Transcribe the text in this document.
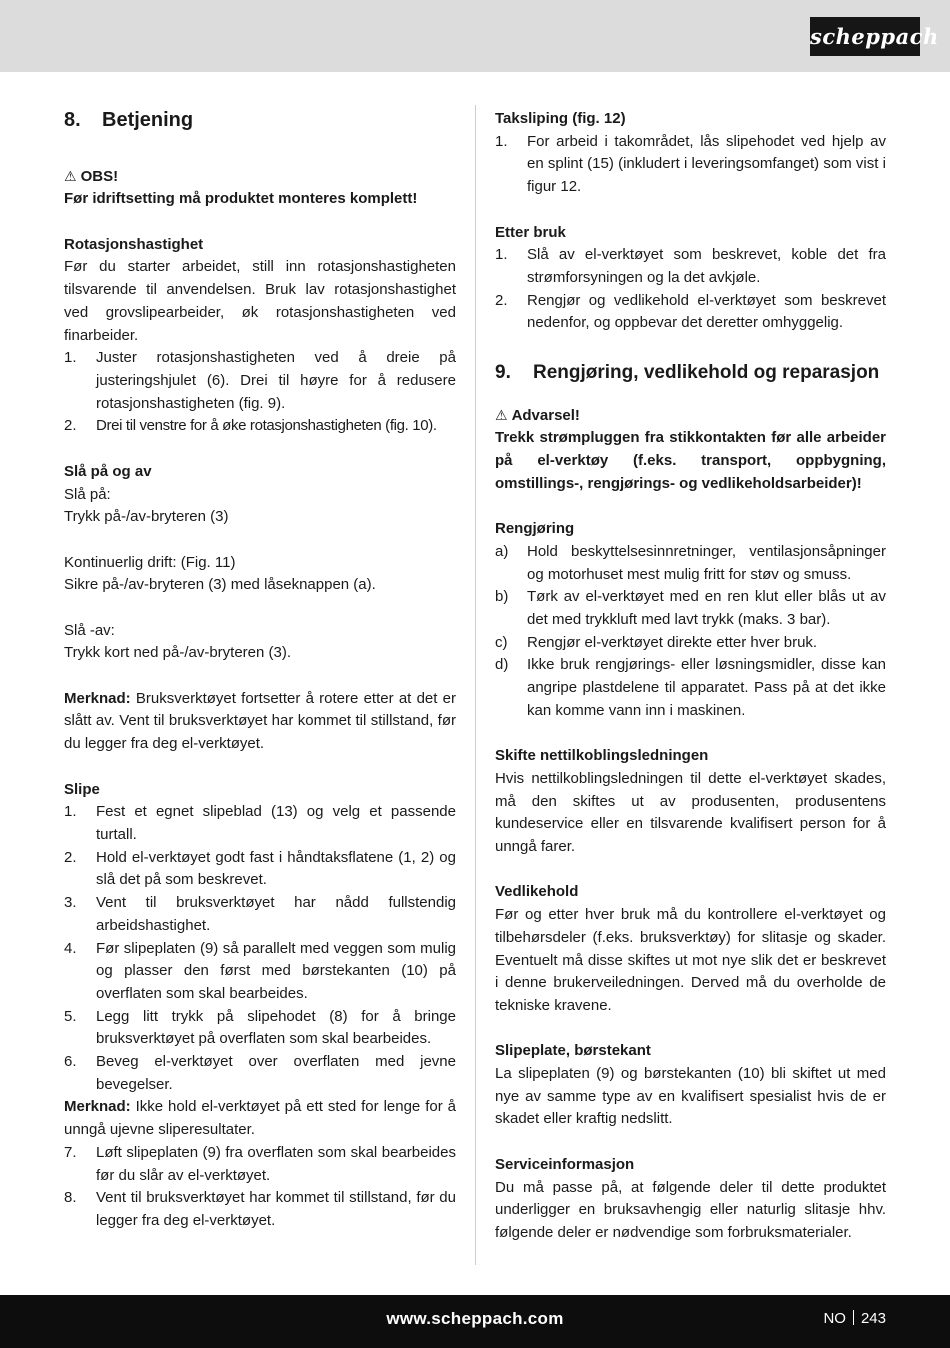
scheppach
8. Betjening
⚠ OBS!
Før idriftsetting må produktet monteres komplett!
Rotasjonshastighet
Før du starter arbeidet, still inn rotasjonshastigheten tilsvarende til anvendelsen. Bruk lav rotasjonshastighet ved grovslipearbeider, øk rotasjonshastigheten ved finarbeider.
1.	Juster rotasjonshastigheten ved å dreie på justeringshjulet (6). Drei til høyre for å redusere rotasjonshastigheten (fig. 9).
2.	Drei til venstre for å øke rotasjonshastigheten (fig. 10).
Slå på og av
Slå på:
Trykk på-/av-bryteren (3)
Kontinuerlig drift: (Fig. 11)
Sikre på-/av-bryteren (3) med låseknappen (a).
Slå -av:
Trykk kort ned på-/av-bryteren (3).
Merknad: Bruksverktøyet fortsetter å rotere etter at det er slått av. Vent til bruksverktøyet har kommet til stillstand, før du legger fra deg el-verktøyet.
Slipe
1.	Fest et egnet slipeblad (13) og velg et passende turtall.
2.	Hold el-verktøyet godt fast i håndtaksflatene (1, 2) og slå det på som beskrevet.
3.	Vent til bruksverktøyet har nådd fullstendig arbeidshastighet.
4.	Før slipeplaten (9) så parallelt med veggen som mulig og plasser den først med børstekanten (10) på overflaten som skal bearbeides.
5.	Legg litt trykk på slipehodet (8) for å bringe bruksverktøyet på overflaten som skal bearbeides.
6.	Beveg el-verktøyet over overflaten med jevne bevegelser.
Merknad: Ikke hold el-verktøyet på ett sted for lenge for å unngå ujevne sliperesultater.
7.	Løft slipeplaten (9) fra overflaten som skal bearbeides før du slår av el-verktøyet.
8.	Vent til bruksverktøyet har kommet til stillstand, før du legger fra deg el-verktøyet.
Taksliping (fig. 12)
1.	For arbeid i takområdet, lås slipehodet ved hjelp av en splint (15) (inkludert i leveringsomfanget) som vist i figur 12.
Etter bruk
1.	Slå av el-verktøyet som beskrevet, koble det fra strømforsyningen og la det avkjøle.
2.	Rengjør og vedlikehold el-verktøyet som beskrevet nedenfor, og oppbevar det deretter omhyggelig.
9. Rengjøring, vedlikehold og reparasjon
⚠ Advarsel!
Trekk strømpluggen fra stikkontakten før alle arbeider på el-verktøy (f.eks. transport, oppbygning, omstillings-, rengjørings- og vedlikeholdsarbeider)!
Rengjøring
a)	Hold beskyttelsesinnretninger, ventilasjonsåpninger og motorhuset mest mulig fritt for støv og smuss.
b)	Tørk av el-verktøyet med en ren klut eller blås ut av det med trykkluft med lavt trykk (maks. 3 bar).
c)	Rengjør el-verktøyet direkte etter hver bruk.
d)	Ikke bruk rengjørings- eller løsningsmidler, disse kan angripe plastdelene til apparatet. Pass på at det ikke kan komme vann inn i maskinen.
Skifte nettilkoblingsledningen
Hvis nettilkoblingsledningen til dette el-verktøyet skades, må den skiftes ut av produsenten, produsentens kundeservice eller en tilsvarende kvalifisert person for å unngå farer.
Vedlikehold
Før og etter hver bruk må du kontrollere el-verktøyet og tilbehørsdeler (f.eks. bruksverktøy) for slitasje og skader. Eventuelt må disse skiftes ut mot nye slik det er beskrevet i denne brukerveiledningen. Derved må du overholde de tekniske kravene.
Slipeplate, børstekant
La slipeplaten (9) og børstekanten (10) bli skiftet ut med nye av samme type av en kvalifisert spesialist hvis de er skadet eller kraftig nedslitt.
Serviceinformasjon
Du må passe på, at følgende deler til dette produktet underligger en bruksavhengig eller naturlig slitasje hhv. følgende deler er nødvendige som forbruksmaterialer.
www.scheppach.com	NO 243
